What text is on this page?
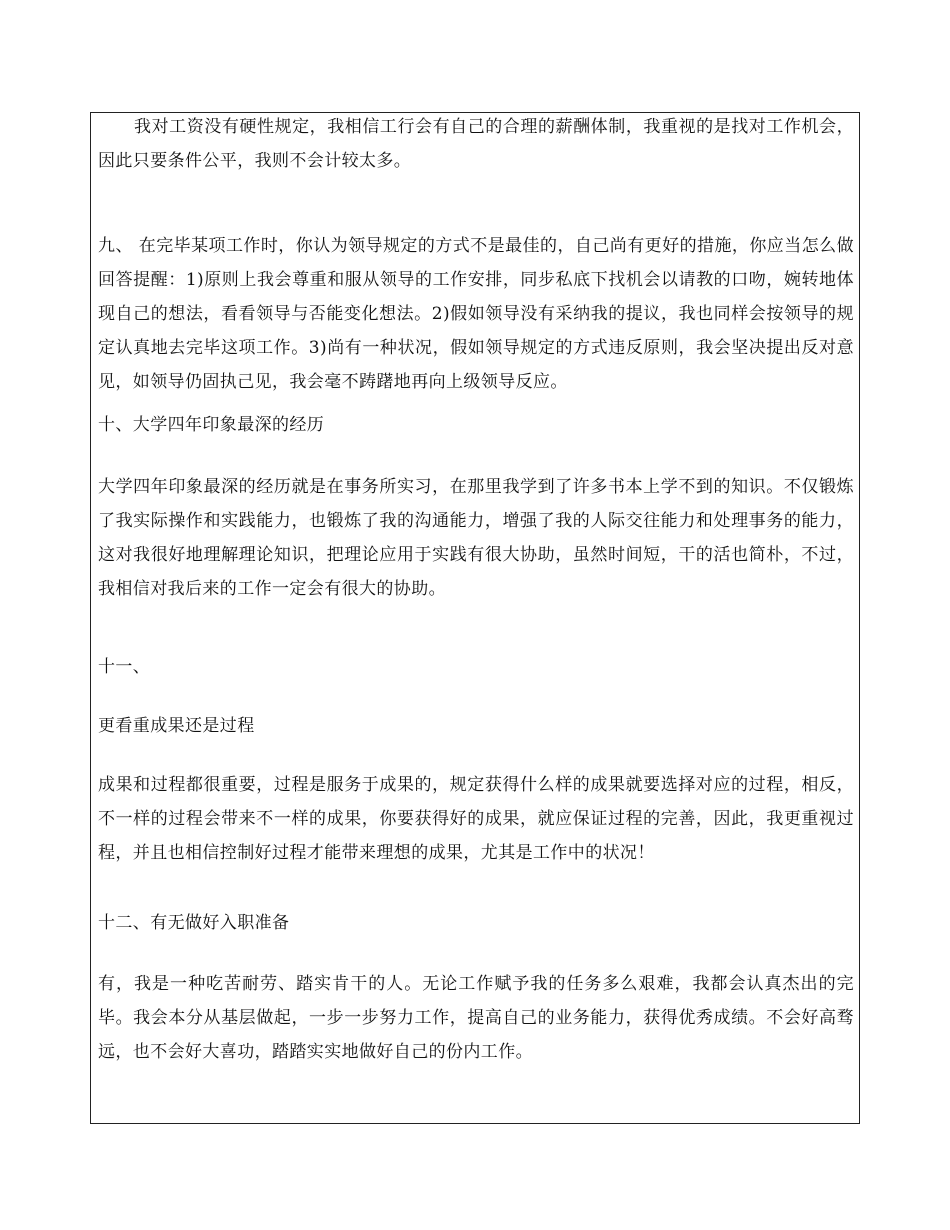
我对工资没有硬性规定，我相信工行会有自己的合理的薪酬体制，我重视的是找对工作机会，因此只要条件公平，我则不会计较太多。

九、 在完毕某项工作时，你认为领导规定的方式不是最佳的，自己尚有更好的措施，你应当怎么做回答提醒：1)原则上我会尊重和服从领导的工作安排，同步私底下找机会以请教的口吻，婉转地体现自己的想法，看看领导与否能变化想法。2)假如领导没有采纳我的提议，我也同样会按领导的规定认真地去完毕这项工作。3)尚有一种状况，假如领导规定的方式违反原则，我会坚决提出反对意见，如领导仍固执己见，我会毫不踌躇地再向上级领导反应。

十、大学四年印象最深的经历

大学四年印象最深的经历就是在事务所实习，在那里我学到了许多书本上学不到的知识。不仅锻炼了我实际操作和实践能力，也锻炼了我的沟通能力，增强了我的人际交往能力和处理事务的能力，这对我很好地理解理论知识，把理论应用于实践有很大协助，虽然时间短，干的活也简朴，不过，我相信对我后来的工作一定会有很大的协助。

十一、

更看重成果还是过程

成果和过程都很重要，过程是服务于成果的，规定获得什么样的成果就要选择对应的过程，相反，不一样的过程会带来不一样的成果，你要获得好的成果，就应保证过程的完善，因此，我更重视过程，并且也相信控制好过程才能带来理想的成果，尤其是工作中的状况！

十二、有无做好入职准备

有，我是一种吃苦耐劳、踏实肯干的人。无论工作赋予我的任务多么艰难，我都会认真杰出的完毕。我会本分从基层做起，一步一步努力工作，提高自己的业务能力，获得优秀成绩。不会好高骛远，也不会好大喜功，踏踏实实地做好自己的份内工作。
